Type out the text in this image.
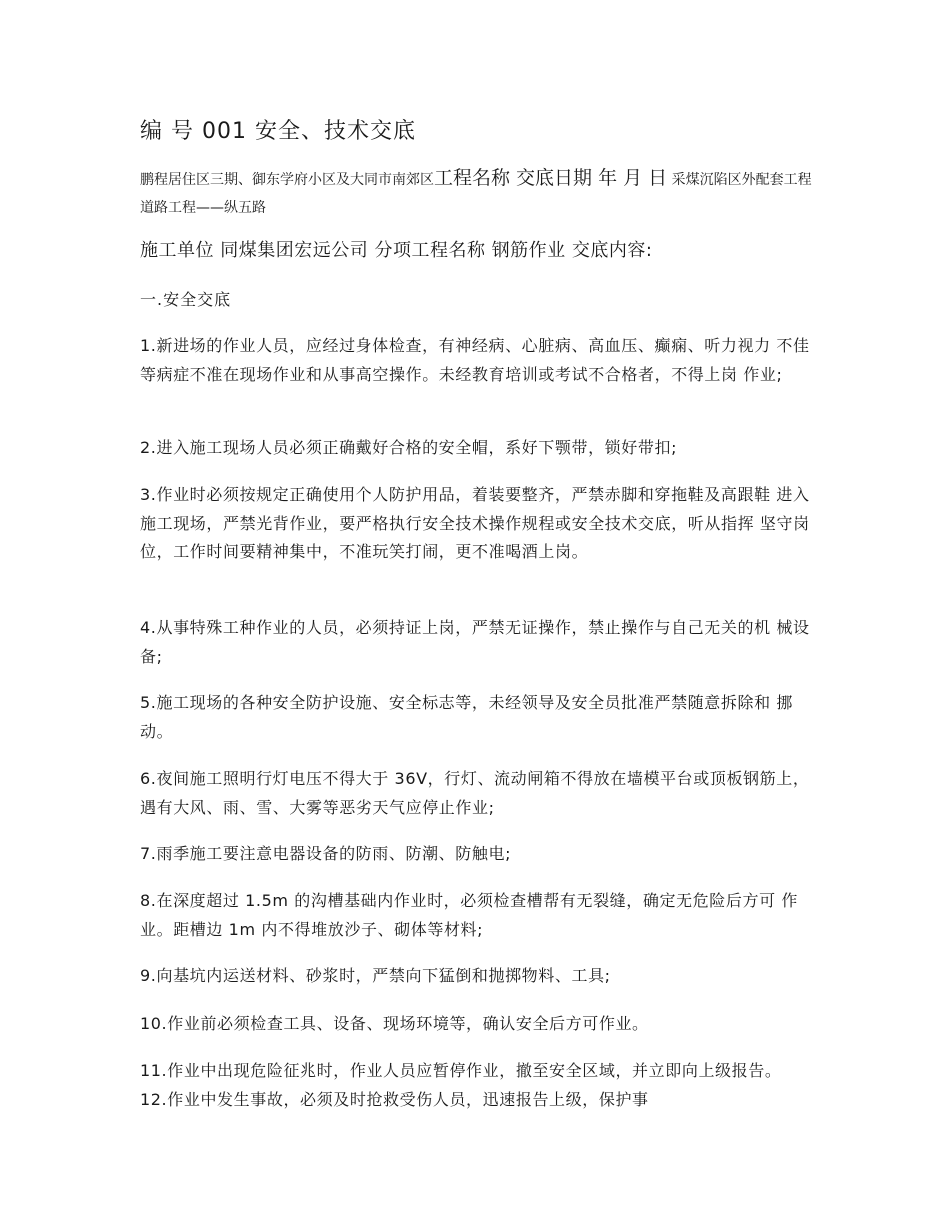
编 号 001 安全、技术交底
鹏程居住区三期、御东学府小区及大同市南郊区工程名称 交底日期 年 月 日 采煤沉陷区外配套工程 道路工程——纵五路
施工单位 同煤集团宏远公司 分项工程名称 钢筋作业 交底内容:
一.安全交底
1.新进场的作业人员，应经过身体检查，有神经病、心脏病、高血压、癫痫、听力视力 不佳等病症不准在现场作业和从事高空操作。未经教育培训或考试不合格者，不得上岗 作业;
2.进入施工现场人员必须正确戴好合格的安全帽，系好下颚带，锁好带扣;
3.作业时必须按规定正确使用个人防护用品，着装要整齐，严禁赤脚和穿拖鞋及高跟鞋 进入施工现场，严禁光背作业，要严格执行安全技术操作规程或安全技术交底，听从指挥 坚守岗位，工作时间要精神集中，不准玩笑打闹，更不准喝酒上岗。
4.从事特殊工种作业的人员，必须持证上岗，严禁无证操作，禁止操作与自己无关的机 械设备;
5.施工现场的各种安全防护设施、安全标志等，未经领导及安全员批准严禁随意拆除和 挪动。
6.夜间施工照明行灯电压不得大于 36V，行灯、流动闸箱不得放在墙模平台或顶板钢筋上， 遇有大风、雨、雪、大雾等恶劣天气应停止作业;
7.雨季施工要注意电器设备的防雨、防潮、防触电;
8.在深度超过 1.5m 的沟槽基础内作业时，必须检查槽帮有无裂缝，确定无危险后方可 作业。距槽边 1m 内不得堆放沙子、砌体等材料;
9.向基坑内运送材料、砂浆时，严禁向下猛倒和抛掷物料、工具;
10.作业前必须检查工具、设备、现场环境等，确认安全后方可作业。
11.作业中出现危险征兆时，作业人员应暂停作业，撤至安全区域，并立即向上级报告。 12.作业中发生事故，必须及时抢救受伤人员，迅速报告上级，保护事
